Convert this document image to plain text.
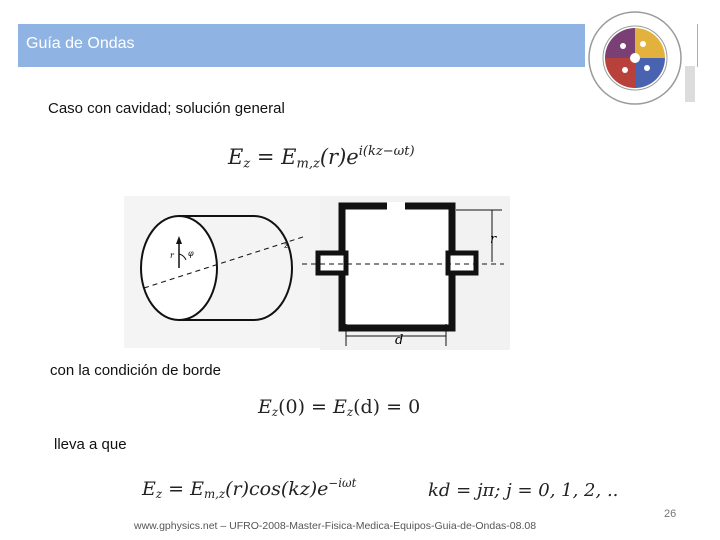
Guía de Ondas
Caso con cavidad; solución general
$E_z = E_{m,z}(r)e^{i(kz-\omega t)}$
z
r φ
r
d
con la condición de borde
$E_z(0) = E_z(d) = 0$
lleva a que
$E_z = E_{m,z}(r)\cos(kz)e^{-i\omega t}$	kd = jπ; j = 0, 1, 2, ..
26
www.gphysics.net – UFRO-2008-Master-Fisica-Medica-Equipos-Guia-de-Ondas-08.08
